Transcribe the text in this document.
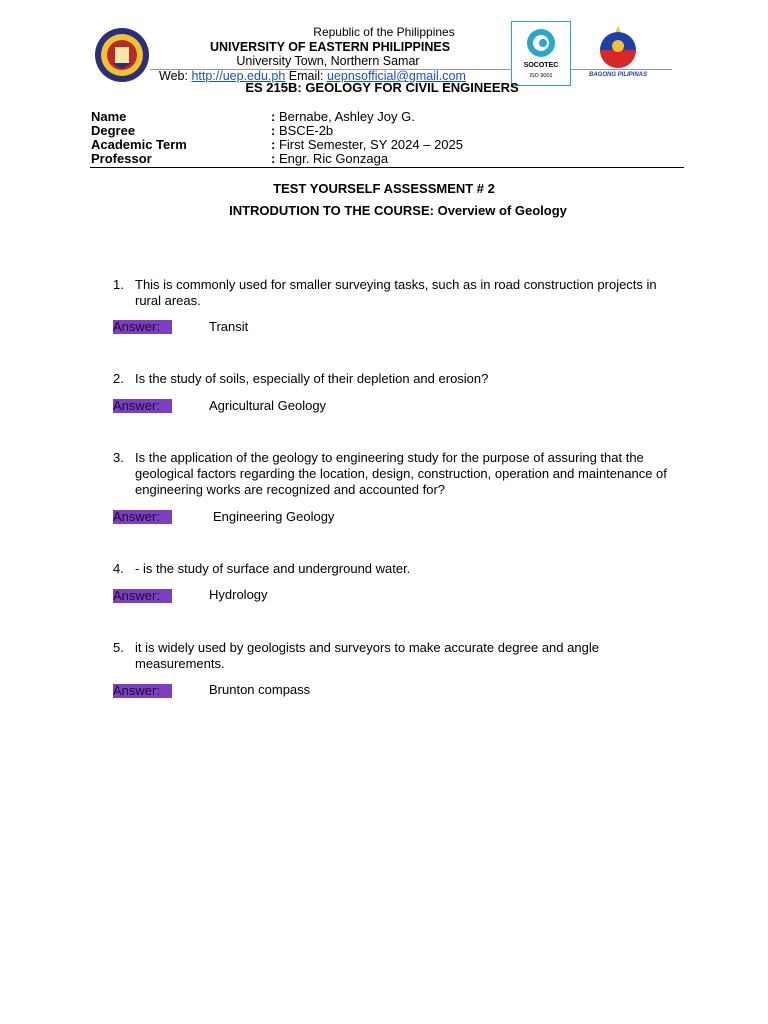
Republic of the Philippines
UNIVERSITY OF EASTERN PHILIPPINES
University Town, Northern Samar
Web: http://uep.edu.ph Email: uepnsofficial@gmail.com
SOCOTEC
ISO 9001	BAGONG PILIPINAS
ES 215B: GEOLOGY FOR CIVIL ENGINEERS
Name	: Bernabe, Ashley Joy G.
Degree	: BSCE-2b
Academic Term	: First Semester, SY 2024 – 2025
Professor	: Engr. Ric Gonzaga
TEST YOURSELF ASSESSMENT # 2
INTRODUTION TO THE COURSE: Overview of Geology
1. This is commonly used for smaller surveying tasks, such as in road construction projects in rural areas.
Answer:	Transit
2. Is the study of soils, especially of their depletion and erosion?
Answer:	Agricultural Geology
3. Is the application of the geology to engineering study for the purpose of assuring that the geological factors regarding the location, design, construction, operation and maintenance of engineering works are recognized and accounted for?
Answer:	Engineering Geology
4. - is the study of surface and underground water.
Answer:	Hydrology
5. it is widely used by geologists and surveyors to make accurate degree and angle measurements.
Answer:	Brunton compass
